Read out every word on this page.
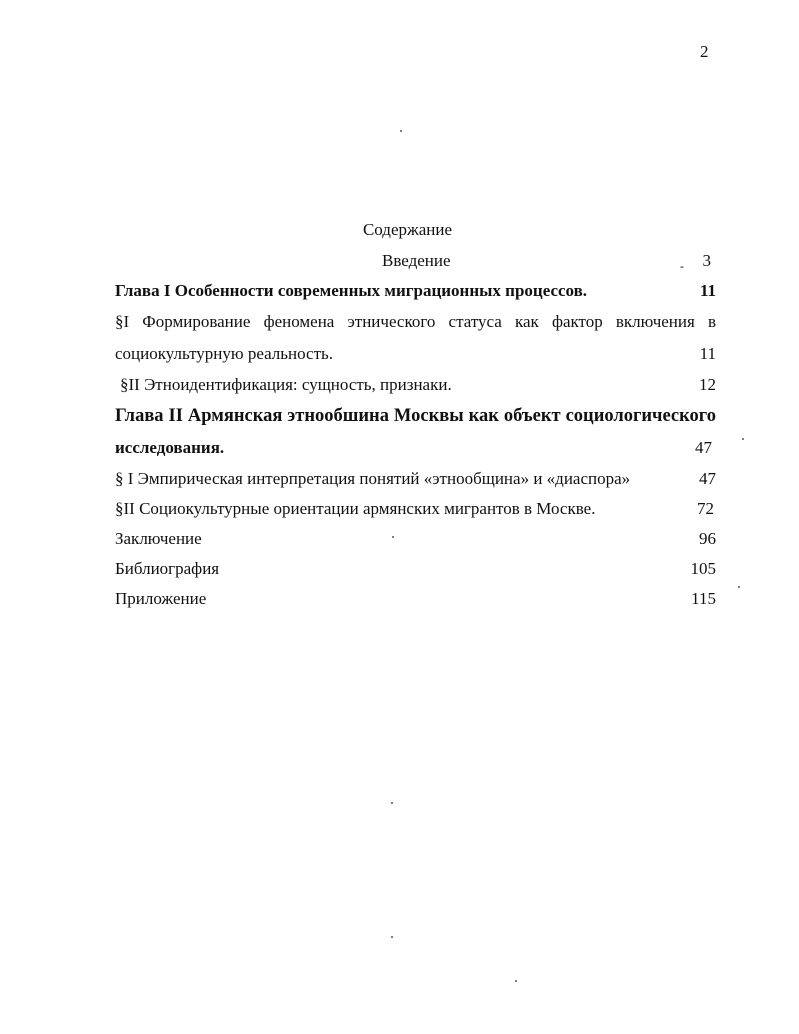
2
Содержание
Введение	3
-
Глава I Особенности современных миграционных процессов.	11
§I Формирование феномена этнического статуса как фактор включения в
социокультурную реальность.	11
§II Этноидентификация: сущность, признаки.	12
Глава II Армянская этнообшина Москвы как объект социологического
исследования.	47
§ I Эмпирическая интерпретация понятий «этнообщина» и «диаспора»	47
§II Социокультурные ориентации армянских мигрантов в Москве.	72
Заключение	96
Библиография	105
Приложение	115
